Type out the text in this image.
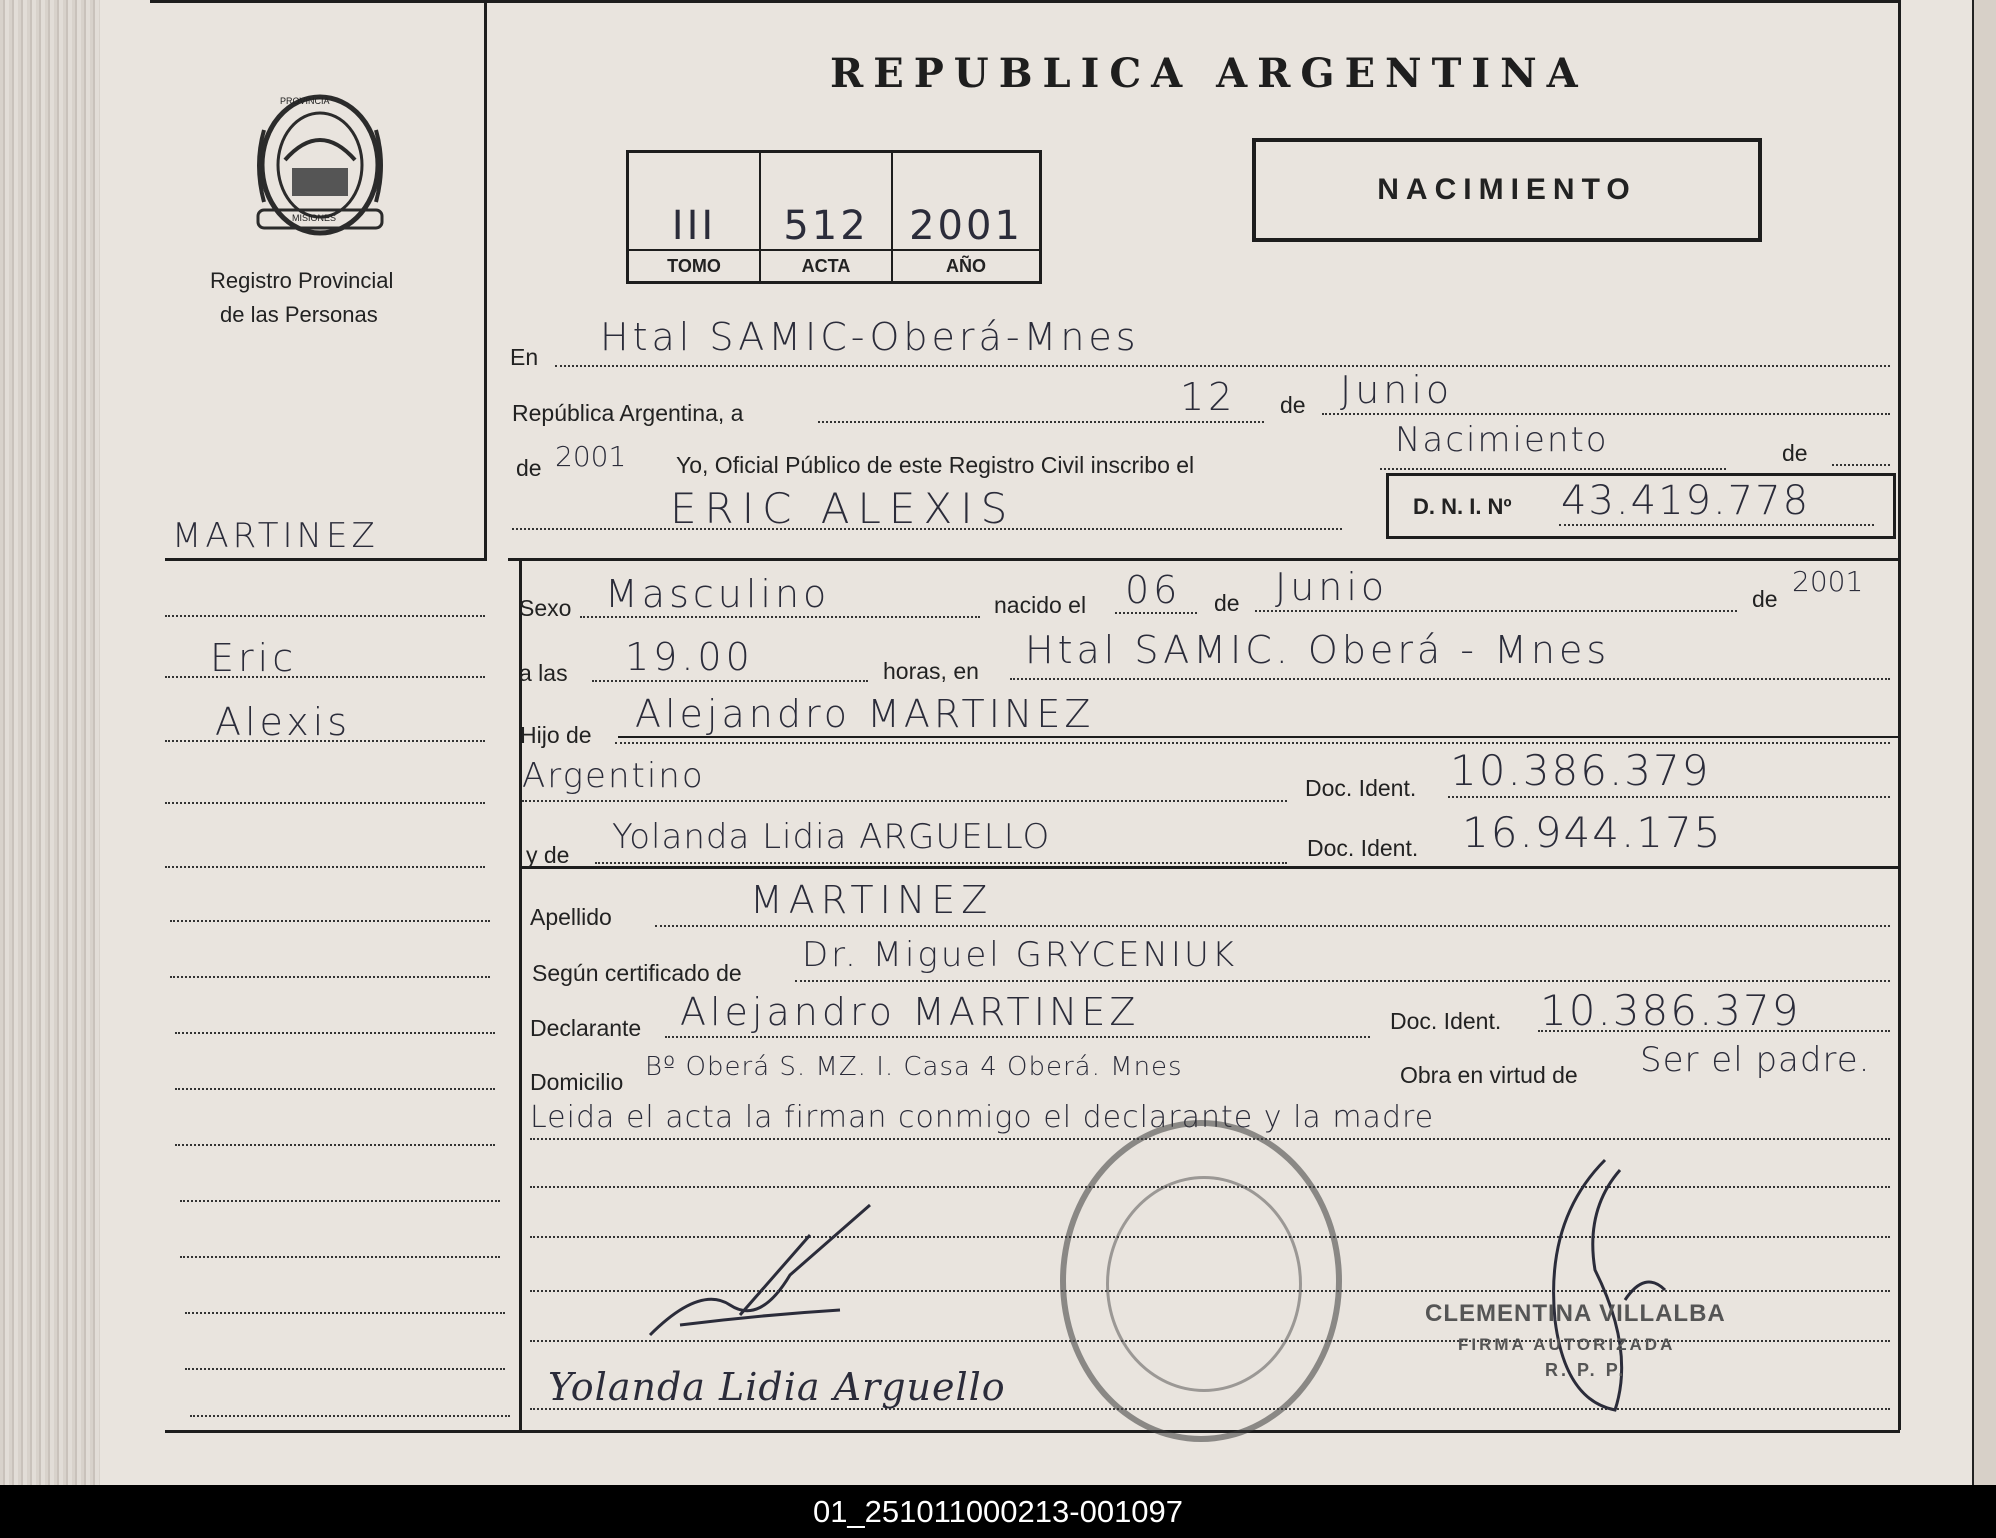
PROVINCIA
MISIONES
Registro Provincial
de las Personas
REPUBLICA ARGENTINA
III
TOMO
512
ACTA
2001
AÑO
NACIMIENTO
MARTINEZ
Eric
Alexis
En Htal SAMIC-Oberá-Mnes
República Argentina, a	12 de Junio
de 2001 Yo, Oficial Público de este Registro Civil inscribo el
Nacimiento	de
ERIC ALEXIS	D. N. I. Nº 43.419.778
Sexo Masculino	nacido el 06 de Junio	de
2001
a las 19.00	horas, en Htal SAMIC. Oberá - Mnes
Hijo de Alejandro MARTINEZ
Argentino	Doc. Ident. 10.386.379
y de Yolanda Lidia ARGUELLO	Doc. Ident. 16.944.175
Apellido	MARTINEZ
Según certificado de Dr. Miguel GRYCENIUK
Declarante Alejandro MARTINEZ	Doc. Ident. 10.386.379
Domicilio Bº Oberá S. MZ. I. Casa 4 Oberá. Mnes	Obra en virtud de Ser el padre.
Leida el acta la firman conmigo el declarante y la madre
Yolanda Lidia Arguello
CLEMENTINA VILLALBA
FIRMA AUTORIZADA
R. P. P.
01_251011000213-001097
